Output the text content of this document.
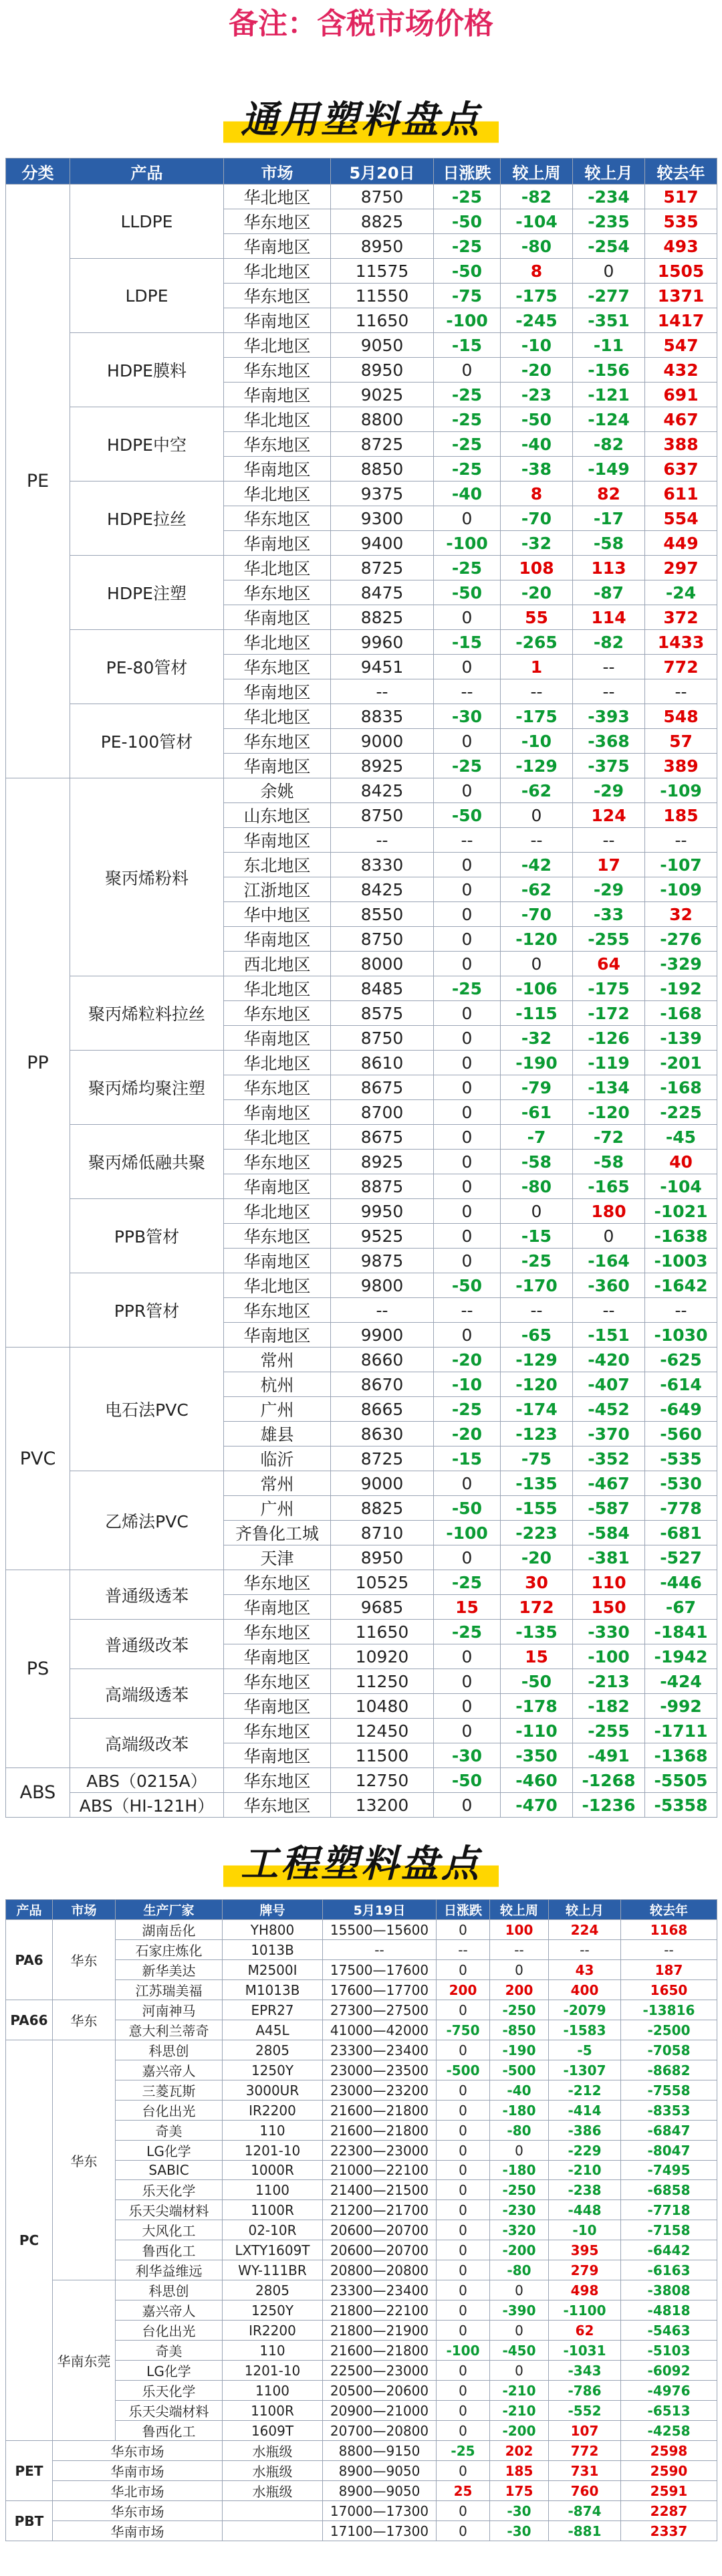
备注：含税市场价格
通用塑料盘点
分类	产品	市场	5月20日	日涨跌	较上周	较上月	较去年
PE	LLDPE	华北地区	8750	-25	-82	-234	517
		华东地区	8825	-50	-104	-235	535
		华南地区	8950	-25	-80	-254	493
	LDPE	华北地区	11575	-50	8	0	1505
		华东地区	11550	-75	-175	-277	1371
		华南地区	11650	-100	-245	-351	1417
	HDPE膜料	华北地区	9050	-15	-10	-11	547
		华东地区	8950	0	-20	-156	432
		华南地区	9025	-25	-23	-121	691
	HDPE中空	华北地区	8800	-25	-50	-124	467
		华东地区	8725	-25	-40	-82	388
		华南地区	8850	-25	-38	-149	637
	HDPE拉丝	华北地区	9375	-40	8	82	611
		华东地区	9300	0	-70	-17	554
		华南地区	9400	-100	-32	-58	449
	HDPE注塑	华北地区	8725	-25	108	113	297
		华东地区	8475	-50	-20	-87	-24
		华南地区	8825	0	55	114	372
	PE-80管材	华北地区	9960	-15	-265	-82	1433
		华东地区	9451	0	1	--	772
		华南地区	--	--	--	--	--
	PE-100管材	华北地区	8835	-30	-175	-393	548
		华东地区	9000	0	-10	-368	57
		华南地区	8925	-25	-129	-375	389
PP	聚丙烯粉料	余姚	8425	0	-62	-29	-109
		山东地区	8750	-50	0	124	185
		华南地区	--	--	--	--	--
		东北地区	8330	0	-42	17	-107
		江浙地区	8425	0	-62	-29	-109
		华中地区	8550	0	-70	-33	32
		华南地区	8750	0	-120	-255	-276
		西北地区	8000	0	0	64	-329
	聚丙烯粒料拉丝	华北地区	8485	-25	-106	-175	-192
		华东地区	8575	0	-115	-172	-168
		华南地区	8750	0	-32	-126	-139
	聚丙烯均聚注塑	华北地区	8610	0	-190	-119	-201
		华东地区	8675	0	-79	-134	-168
		华南地区	8700	0	-61	-120	-225
	聚丙烯低融共聚	华北地区	8675	0	-7	-72	-45
		华东地区	8925	0	-58	-58	40
		华南地区	8875	0	-80	-165	-104
	PPB管材	华北地区	9950	0	0	180	-1021
		华东地区	9525	0	-15	0	-1638
		华南地区	9875	0	-25	-164	-1003
	PPR管材	华北地区	9800	-50	-170	-360	-1642
		华东地区	--	--	--	--	--
		华南地区	9900	0	-65	-151	-1030
PVC	电石法PVC	常州	8660	-20	-129	-420	-625
		杭州	8670	-10	-120	-407	-614
		广州	8665	-25	-174	-452	-649
		雄县	8630	-20	-123	-370	-560
		临沂	8725	-15	-75	-352	-535
	乙烯法PVC	常州	9000	0	-135	-467	-530
		广州	8825	-50	-155	-587	-778
		齐鲁化工城	8710	-100	-223	-584	-681
		天津	8950	0	-20	-381	-527
PS	普通级透苯	华东地区	10525	-25	30	110	-446
		华南地区	9685	15	172	150	-67
	普通级改苯	华东地区	11650	-25	-135	-330	-1841
		华南地区	10920	0	15	-100	-1942
	高端级透苯	华东地区	11250	0	-50	-213	-424
		华南地区	10480	0	-178	-182	-992
	高端级改苯	华东地区	12450	0	-110	-255	-1711
		华南地区	11500	-30	-350	-491	-1368
ABS	ABS（0215A）	华东地区	12750	-50	-460	-1268	-5505
	ABS（HI-121H）	华东地区	13200	0	-470	-1236	-5358
工程塑料盘点
产品	市场	生产厂家	牌号	5月19日	日涨跌	较上周	较上月	较去年
PA6	华东	湖南岳化	YH800	15500—15600	0	100	224	1168
		石家庄炼化	1013B	--	--	--	--	--
		新华美达	M2500I	17500—17600	0	0	43	187
		江苏瑞美福	M1013B	17600—17700	200	200	400	1650
PA66	华东	河南神马	EPR27	27300—27500	0	-250	-2079	-13816
		意大利兰蒂奇	A45L	41000—42000	-750	-850	-1583	-2500
PC	华东	科思创	2805	23300—23400	0	-190	-5	-7058
		嘉兴帝人	1250Y	23000—23500	-500	-500	-1307	-8682
		三菱瓦斯	3000UR	23000—23200	0	-40	-212	-7558
		台化出光	IR2200	21600—21800	0	-180	-414	-8353
		奇美	110	21600—21800	0	-80	-386	-6847
		LG化学	1201-10	22300—23000	0	0	-229	-8047
		SABIC	1000R	21000—22100	0	-180	-210	-7495
		乐天化学	1100	21400—21500	0	-250	-238	-6858
		乐天尖端材料	1100R	21200—21700	0	-230	-448	-7718
		大风化工	02-10R	20600—20700	0	-320	-10	-7158
		鲁西化工	LXTY1609T	20600—20700	0	-200	395	-6442
		利华益维远	WY-111BR	20800—20800	0	-80	279	-6163
	华南东莞	科思创	2805	23300—23400	0	0	498	-3808
		嘉兴帝人	1250Y	21800—22100	0	-390	-1100	-4818
		台化出光	IR2200	21800—21900	0	0	62	-5463
		奇美	110	21600—21800	-100	-450	-1031	-5103
		LG化学	1201-10	22500—23000	0	0	-343	-6092
		乐天化学	1100	20500—20600	0	-210	-786	-4976
		乐天尖端材料	1100R	20900—21000	0	-210	-552	-6513
		鲁西化工	1609T	20700—20800	0	-200	107	-4258
PET	华东市场		水瓶级	8800—9150	-25	202	772	2598
	华南市场		水瓶级	8900—9050	0	185	731	2590
	华北市场		水瓶级	8900—9050	25	175	760	2591
PBT	华东市场			17000—17300	0	-30	-874	2287
	华南市场			17100—17300	0	-30	-881	2337
